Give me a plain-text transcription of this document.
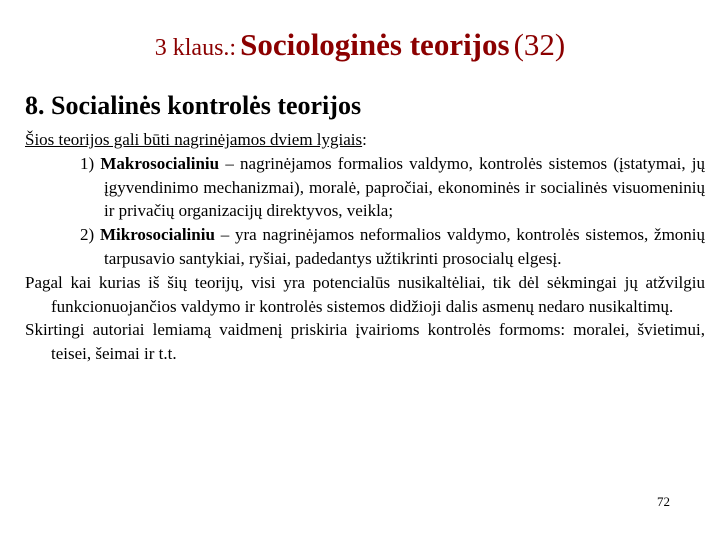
3 klaus.: Sociologinės teorijos (32)
8. Socialinės kontrolės teorijos
Šios teorijos gali būti nagrinėjamos dviem lygiais:
1) Makrosocialiniu – nagrinėjamos formalios valdymo, kontrolės sistemos (įstatymai, jų įgyvendinimo mechanizmai), moralė, papročiai, ekonominės ir socialinės visuomeninių ir privačių organizacijų direktyvos, veikla;
2) Mikrosocialiniu – yra nagrinėjamos neformalios valdymo, kontrolės sistemos, žmonių tarpusavio santykiai, ryšiai, padedantys užtikrinti prosocialų elgesį.
Pagal kai kurias iš šių teorijų, visi yra potencialūs nusikaltėliai, tik dėl sėkmingai jų atžvilgiu funkcionuojančios valdymo ir kontrolės sistemos didžioji dalis asmenų nedaro nusikaltimų.
Skirtingi autoriai lemiamą vaidmenį priskiria įvairioms kontrolės formoms: moralei, švietimui, teisei, šeimai ir t.t.
72
